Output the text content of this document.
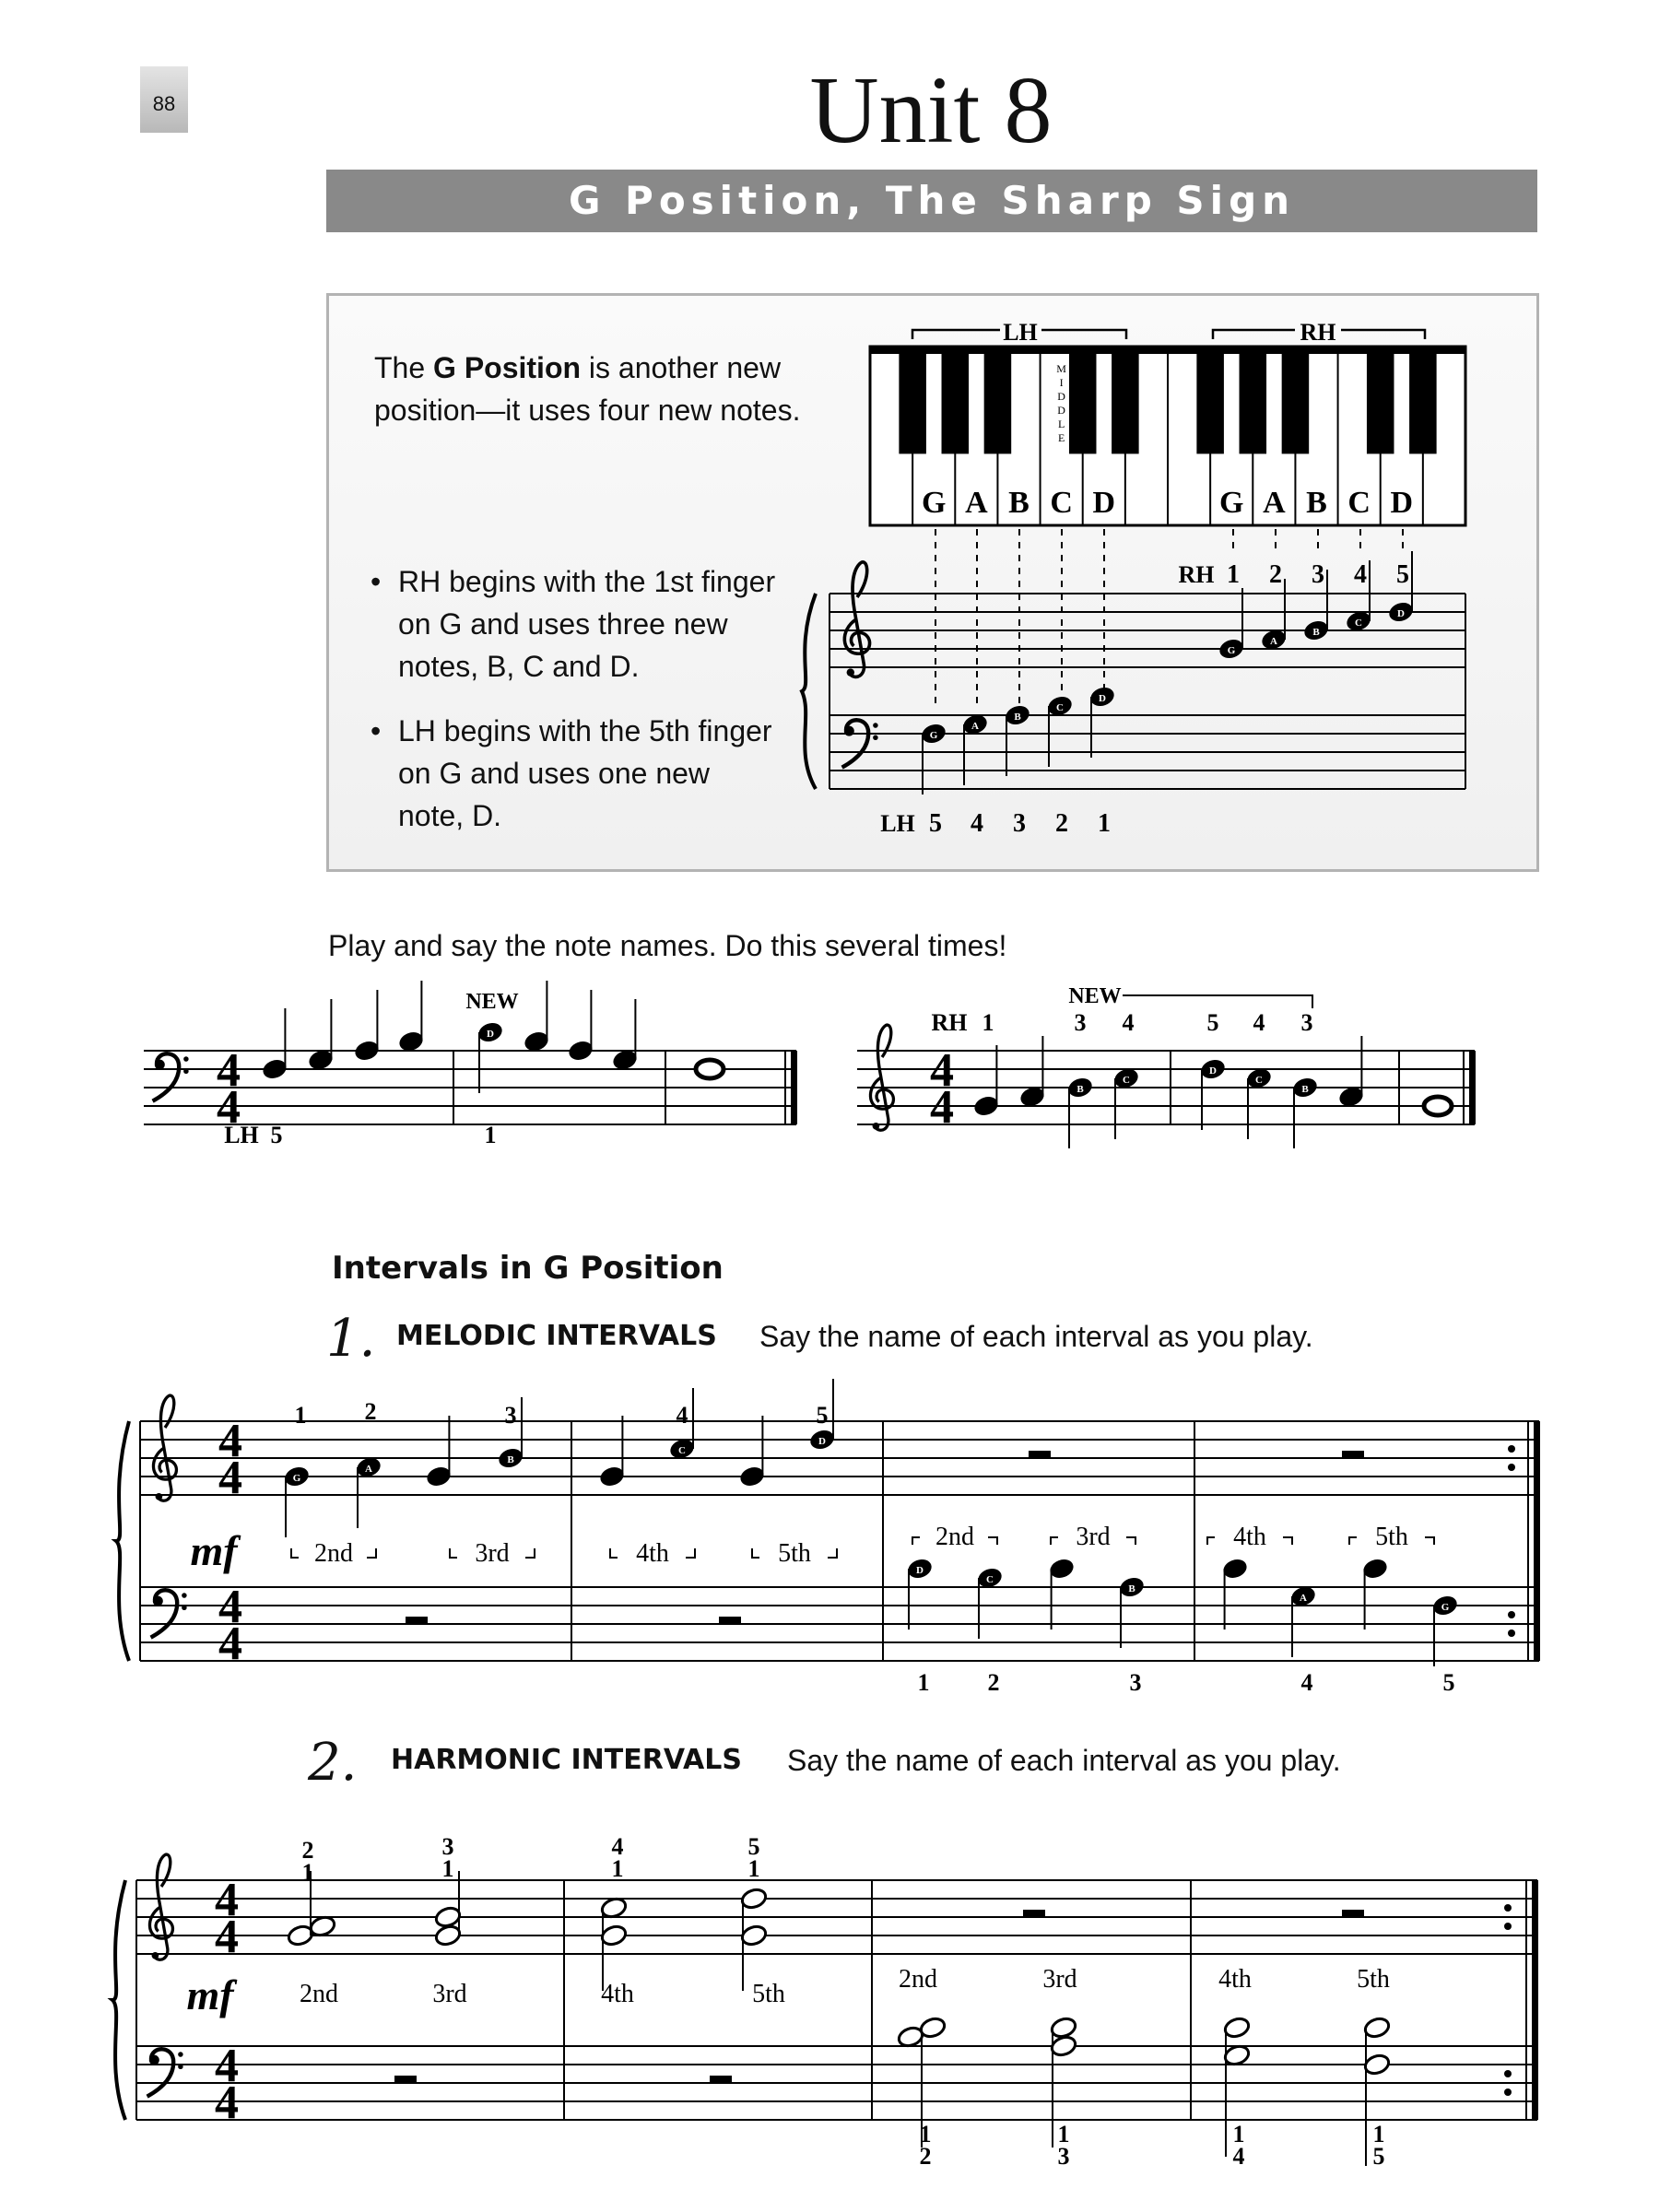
88	Unit 8
G Position, The Sharp Sign
The G Position is another new position—it uses four new notes.
• RH begins with the 1st finger on G and uses three new notes, B, C and D.
• LH begins with the 5th finger on G and uses one new note, D.
LH	RH
G A B C D	G A B C D
M
I
D
D
L
E
G
A
B
C
D
G
A
B
C
D
RH 1 2 3 4 5
LH 5 4 3 2 1
4
4
D
NEW
LH 5	1
4
4	B
C
D
C
B
NEW
RH 1	3 4	5 4 3
4
4
4
4
G
A
B
C
D
1 2	3	4	5
mf	2nd	3rd	4th	5th
2nd	3rd	4th	5th
D
C
B
A
G
1 2	3	4	5
4
4
4
4
2
1
3
1
4
1
5
1
mf	2nd	3rd	4th	5th
2nd	3rd	4th	5th
1
2
1
3
1
4
1
5
Play and say the note names. Do this several times!
Intervals in G Position
1. MELODIC INTERVALS Say the name of each interval as you play.
2. HARMONIC INTERVALS Say the name of each interval as you play.
